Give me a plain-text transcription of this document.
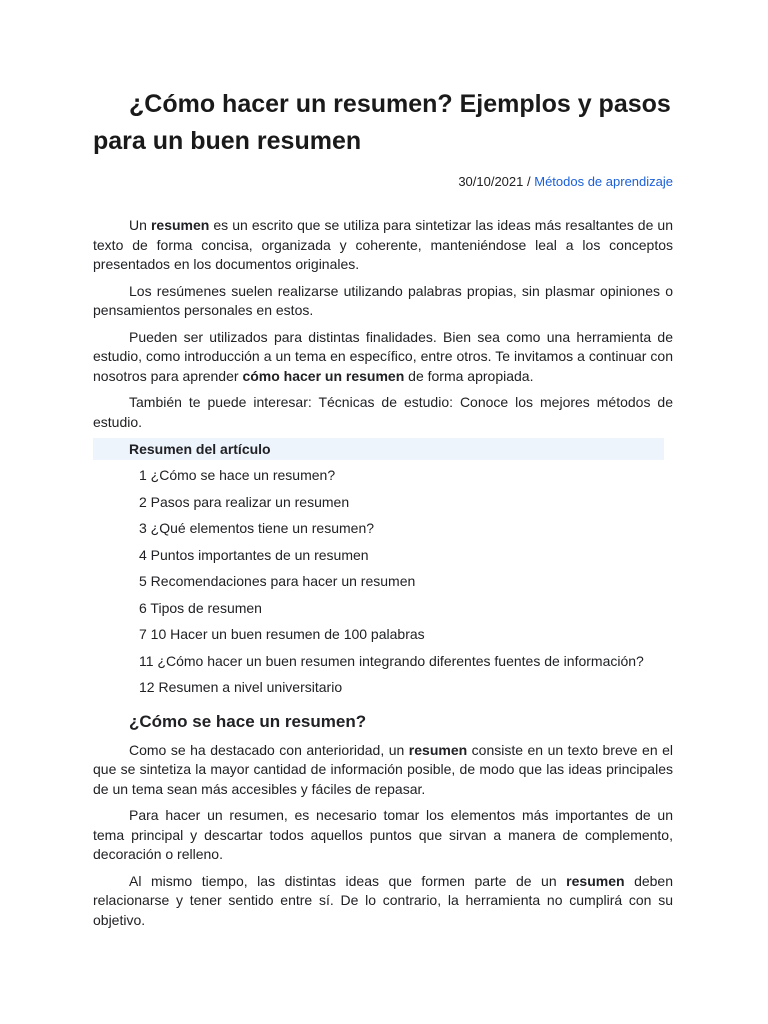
¿Cómo hacer un resumen? Ejemplos y pasos para un buen resumen
30/10/2021 / Métodos de aprendizaje

Un resumen es un escrito que se utiliza para sintetizar las ideas más resaltantes de un texto de forma concisa, organizada y coherente, manteniéndose leal a los conceptos presentados en los documentos originales.

Los resúmenes suelen realizarse utilizando palabras propias, sin plasmar opiniones o pensamientos personales en estos.

Pueden ser utilizados para distintas finalidades. Bien sea como una herramienta de estudio, como introducción a un tema en específico, entre otros. Te invitamos a continuar con nosotros para aprender cómo hacer un resumen de forma apropiada.

También te puede interesar: Técnicas de estudio: Conoce los mejores métodos de estudio.

Resumen del artículo
1 ¿Cómo se hace un resumen?
2 Pasos para realizar un resumen
3 ¿Qué elementos tiene un resumen?
4 Puntos importantes de un resumen
5 Recomendaciones para hacer un resumen
6 Tipos de resumen
7 10 Hacer un buen resumen de 100 palabras
11 ¿Cómo hacer un buen resumen integrando diferentes fuentes de información?
12 Resumen a nivel universitario
¿Cómo se hace un resumen?

Como se ha destacado con anterioridad, un resumen consiste en un texto breve en el que se sintetiza la mayor cantidad de información posible, de modo que las ideas principales de un tema sean más accesibles y fáciles de repasar.

Para hacer un resumen, es necesario tomar los elementos más importantes de un tema principal y descartar todos aquellos puntos que sirvan a manera de complemento, decoración o relleno.

Al mismo tiempo, las distintas ideas que formen parte de un resumen deben relacionarse y tener sentido entre sí. De lo contrario, la herramienta no cumplirá con su objetivo.
